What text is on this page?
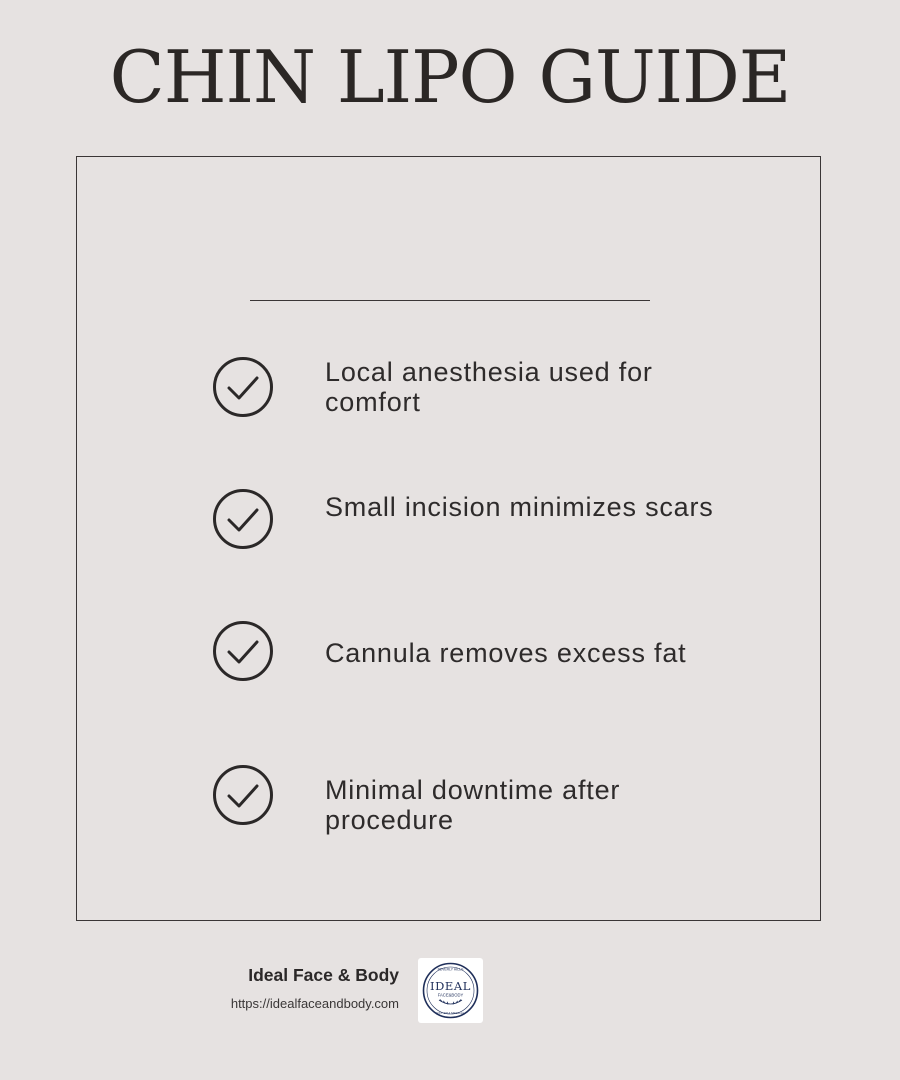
CHIN LIPO GUIDE
Local anesthesia used for comfort
Small incision minimizes scars
Cannula removes excess fat
Minimal downtime after procedure
Ideal Face & Body
https://idealfaceandbody.com
BEVERLY HILLS
IDEAL
FACE&BODY
EST. 2014 MEDICAL
